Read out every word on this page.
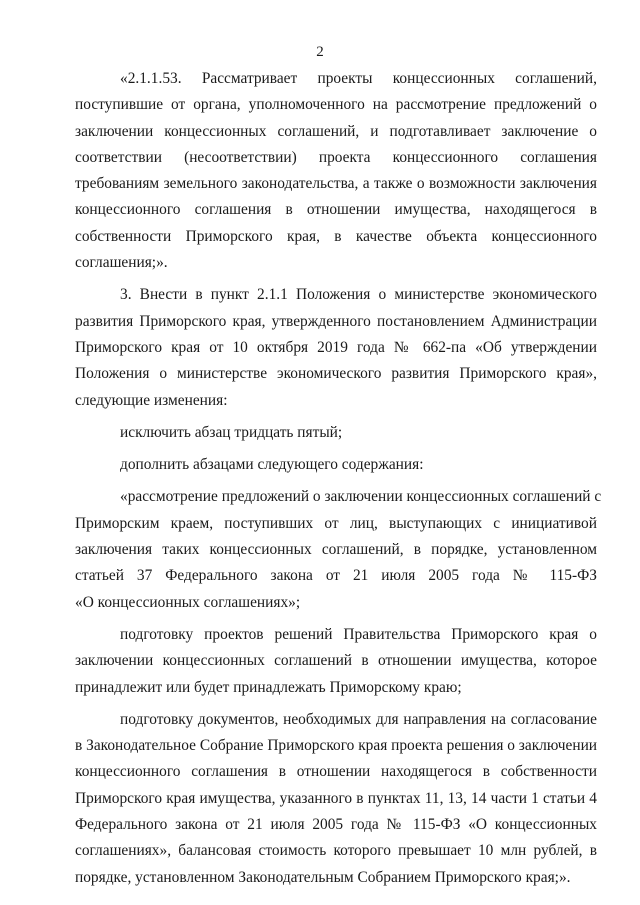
2
«2.1.1.53. Рассматривает проекты концессионных соглашений,
поступившие от органа, уполномоченного на рассмотрение предложений о
заключении концессионных соглашений, и подготавливает заключение о
соответствии (несоответствии) проекта концессионного соглашения
требованиям земельного законодательства, а также о возможности заключения
концессионного соглашения в отношении имущества, находящегося в
собственности Приморского края, в качестве объекта концессионного
соглашения;».
3. Внести в пункт 2.1.1 Положения о министерстве экономического
развития Приморского края, утвержденного постановлением Администрации
Приморского края от 10 октября 2019 года № 662-па «Об утверждении
Положения о министерстве экономического развития Приморского края»,
следующие изменения:
исключить абзац тридцать пятый;
дополнить абзацами следующего содержания:
«рассмотрение предложений о заключении концессионных соглашений с
Приморским краем, поступивших от лиц, выступающих с инициативой
заключения таких концессионных соглашений, в порядке, установленном
статьей 37 Федерального закона от 21 июля 2005 года № 115-ФЗ
«О концессионных соглашениях»;
подготовку проектов решений Правительства Приморского края о
заключении концессионных соглашений в отношении имущества, которое
принадлежит или будет принадлежать Приморскому краю;
подготовку документов, необходимых для направления на согласование
в Законодательное Собрание Приморского края проекта решения о заключении
концессионного соглашения в отношении находящегося в собственности
Приморского края имущества, указанного в пунктах 11, 13, 14 части 1 статьи 4
Федерального закона от 21 июля 2005 года № 115-ФЗ «О концессионных
соглашениях», балансовая стоимость которого превышает 10 млн рублей, в
порядке, установленном Законодательным Собранием Приморского края;».
